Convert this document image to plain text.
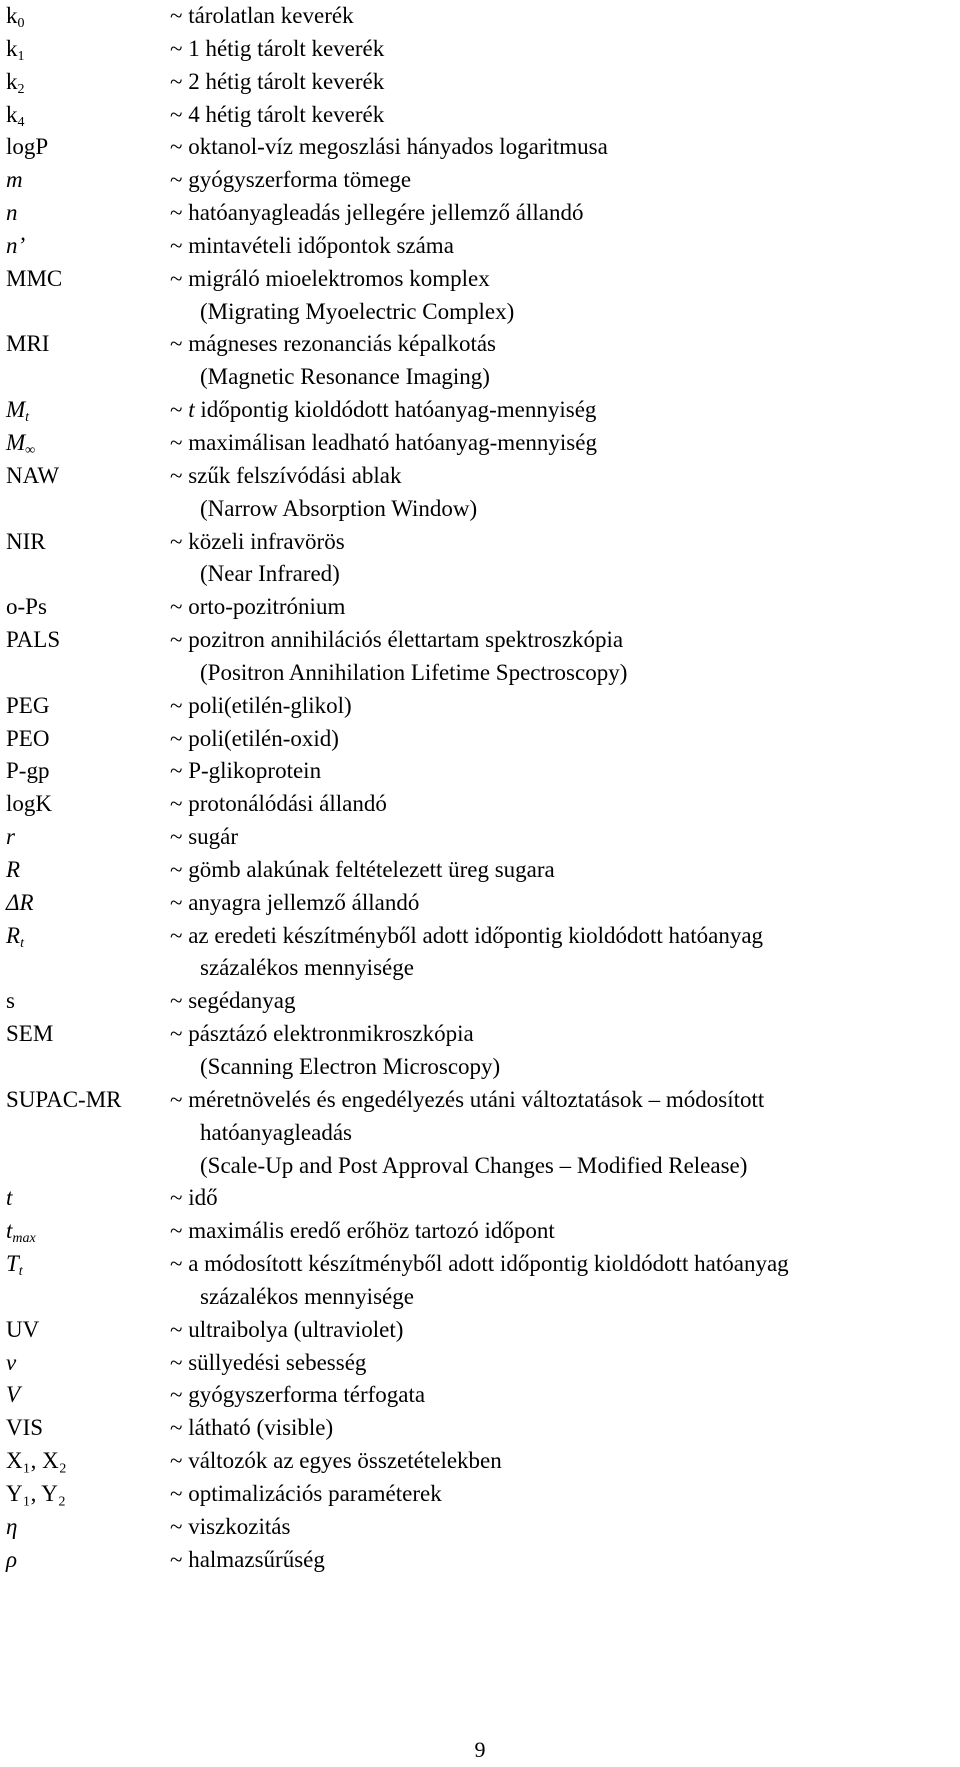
$k_0$	~ tárolatlan keverék
$k_1$	~ 1 hétig tárolt keverék
$k_2$	~ 2 hétig tárolt keverék
$k_4$	~ 4 hétig tárolt keverék
logP	~ oktanol-víz megoszlási hányados logaritmusa
m	~ gyógyszerforma tömege
n	~ hatóanyagleadás jellegére jellemző állandó
n’	~ mintavételi időpontok száma
MMC	~ migráló mioelektromos komplex
(Migrating Myoelectric Complex)
MRI	~ mágneses rezonanciás képalkotás
(Magnetic Resonance Imaging)
$M_t$	~ t időpontig kioldódott hatóanyag-mennyiség
$M_\infty$	~ maximálisan leadható hatóanyag-mennyiség
NAW	~ szűk felszívódási ablak
(Narrow Absorption Window)
NIR	~ közeli infravörös
(Near Infrared)
o-Ps	~ orto-pozitrónium
PALS	~ pozitron annihilációs élettartam spektroszkópia
(Positron Annihilation Lifetime Spectroscopy)
PEG	~ poli(etilén-glikol)
PEO	~ poli(etilén-oxid)
P-gp	~ P-glikoprotein
logK	~ protonálódási állandó
r	~ sugár
R	~ gömb alakúnak feltételezett üreg sugara
ΔR	~ anyagra jellemző állandó
$R_t$	~ az eredeti készítményből adott időpontig kioldódott hatóanyag
százalékos mennyisége
s	~ segédanyag
SEM	~ pásztázó elektronmikroszkópia
(Scanning Electron Microscopy)
SUPAC-MR ~ méretnövelés és engedélyezés utáni változtatások – módosított
hatóanyagleadás
(Scale-Up and Post Approval Changes – Modified Release)
t	~ idő
$t_{max}$	~ maximális eredő erőhöz tartozó időpont
$T_t$	~ a módosított készítményből adott időpontig kioldódott hatóanyag
százalékos mennyisége
UV	~ ultraibolya (ultraviolet)
v	~ süllyedési sebesség
V	~ gyógyszerforma térfogata
VIS	~ látható (visible)
X₁, X₂	~ változók az egyes összetételekben
Y₁, Y₂	~ optimalizációs paraméterek
η	~ viszkozitás
ρ	~ halmazsűrűség
9
